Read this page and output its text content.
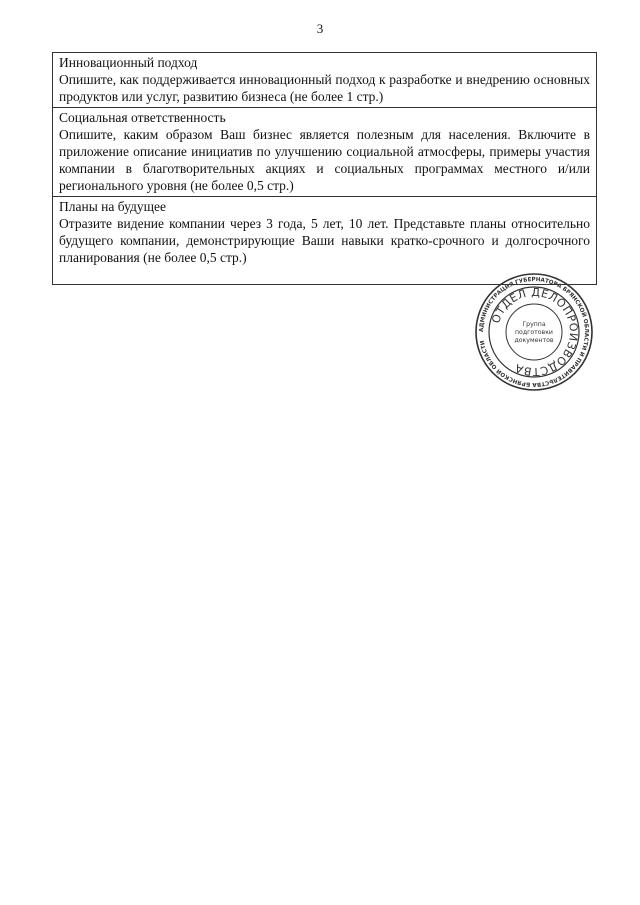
3
Инновационный подход
Опишите, как поддерживается инновационный подход к разработке и внедрению основных продуктов или услуг, развитию бизнеса (не более 1 стр.)
Социальная ответственность
Опишите, каким образом Ваш бизнес является полезным для населения. Включите в приложение описание инициатив по улучшению социальной атмосферы, примеры участия компании в благотворительных акциях и социальных программах местного и/или регионального уровня (не более 0,5 стр.)
Планы на будущее
Отразите видение компании через 3 года, 5 лет, 10 лет. Представьте планы относительно будущего компании, демонстрирующие Ваши навыки кратко-срочного и долгосрочного планирования (не более 0,5 стр.)
АДМИНИСТРАЦИЯ ГУБЕРНАТОРА БРЯНСКОЙ ОБЛАСТИ И ПРАВИТЕЛЬСТВА БРЯНСКОЙ ОБЛАСТИ
ОТДЕЛ ДЕЛОПРОИЗВОДСТВА
Группа
подготовки
документов
